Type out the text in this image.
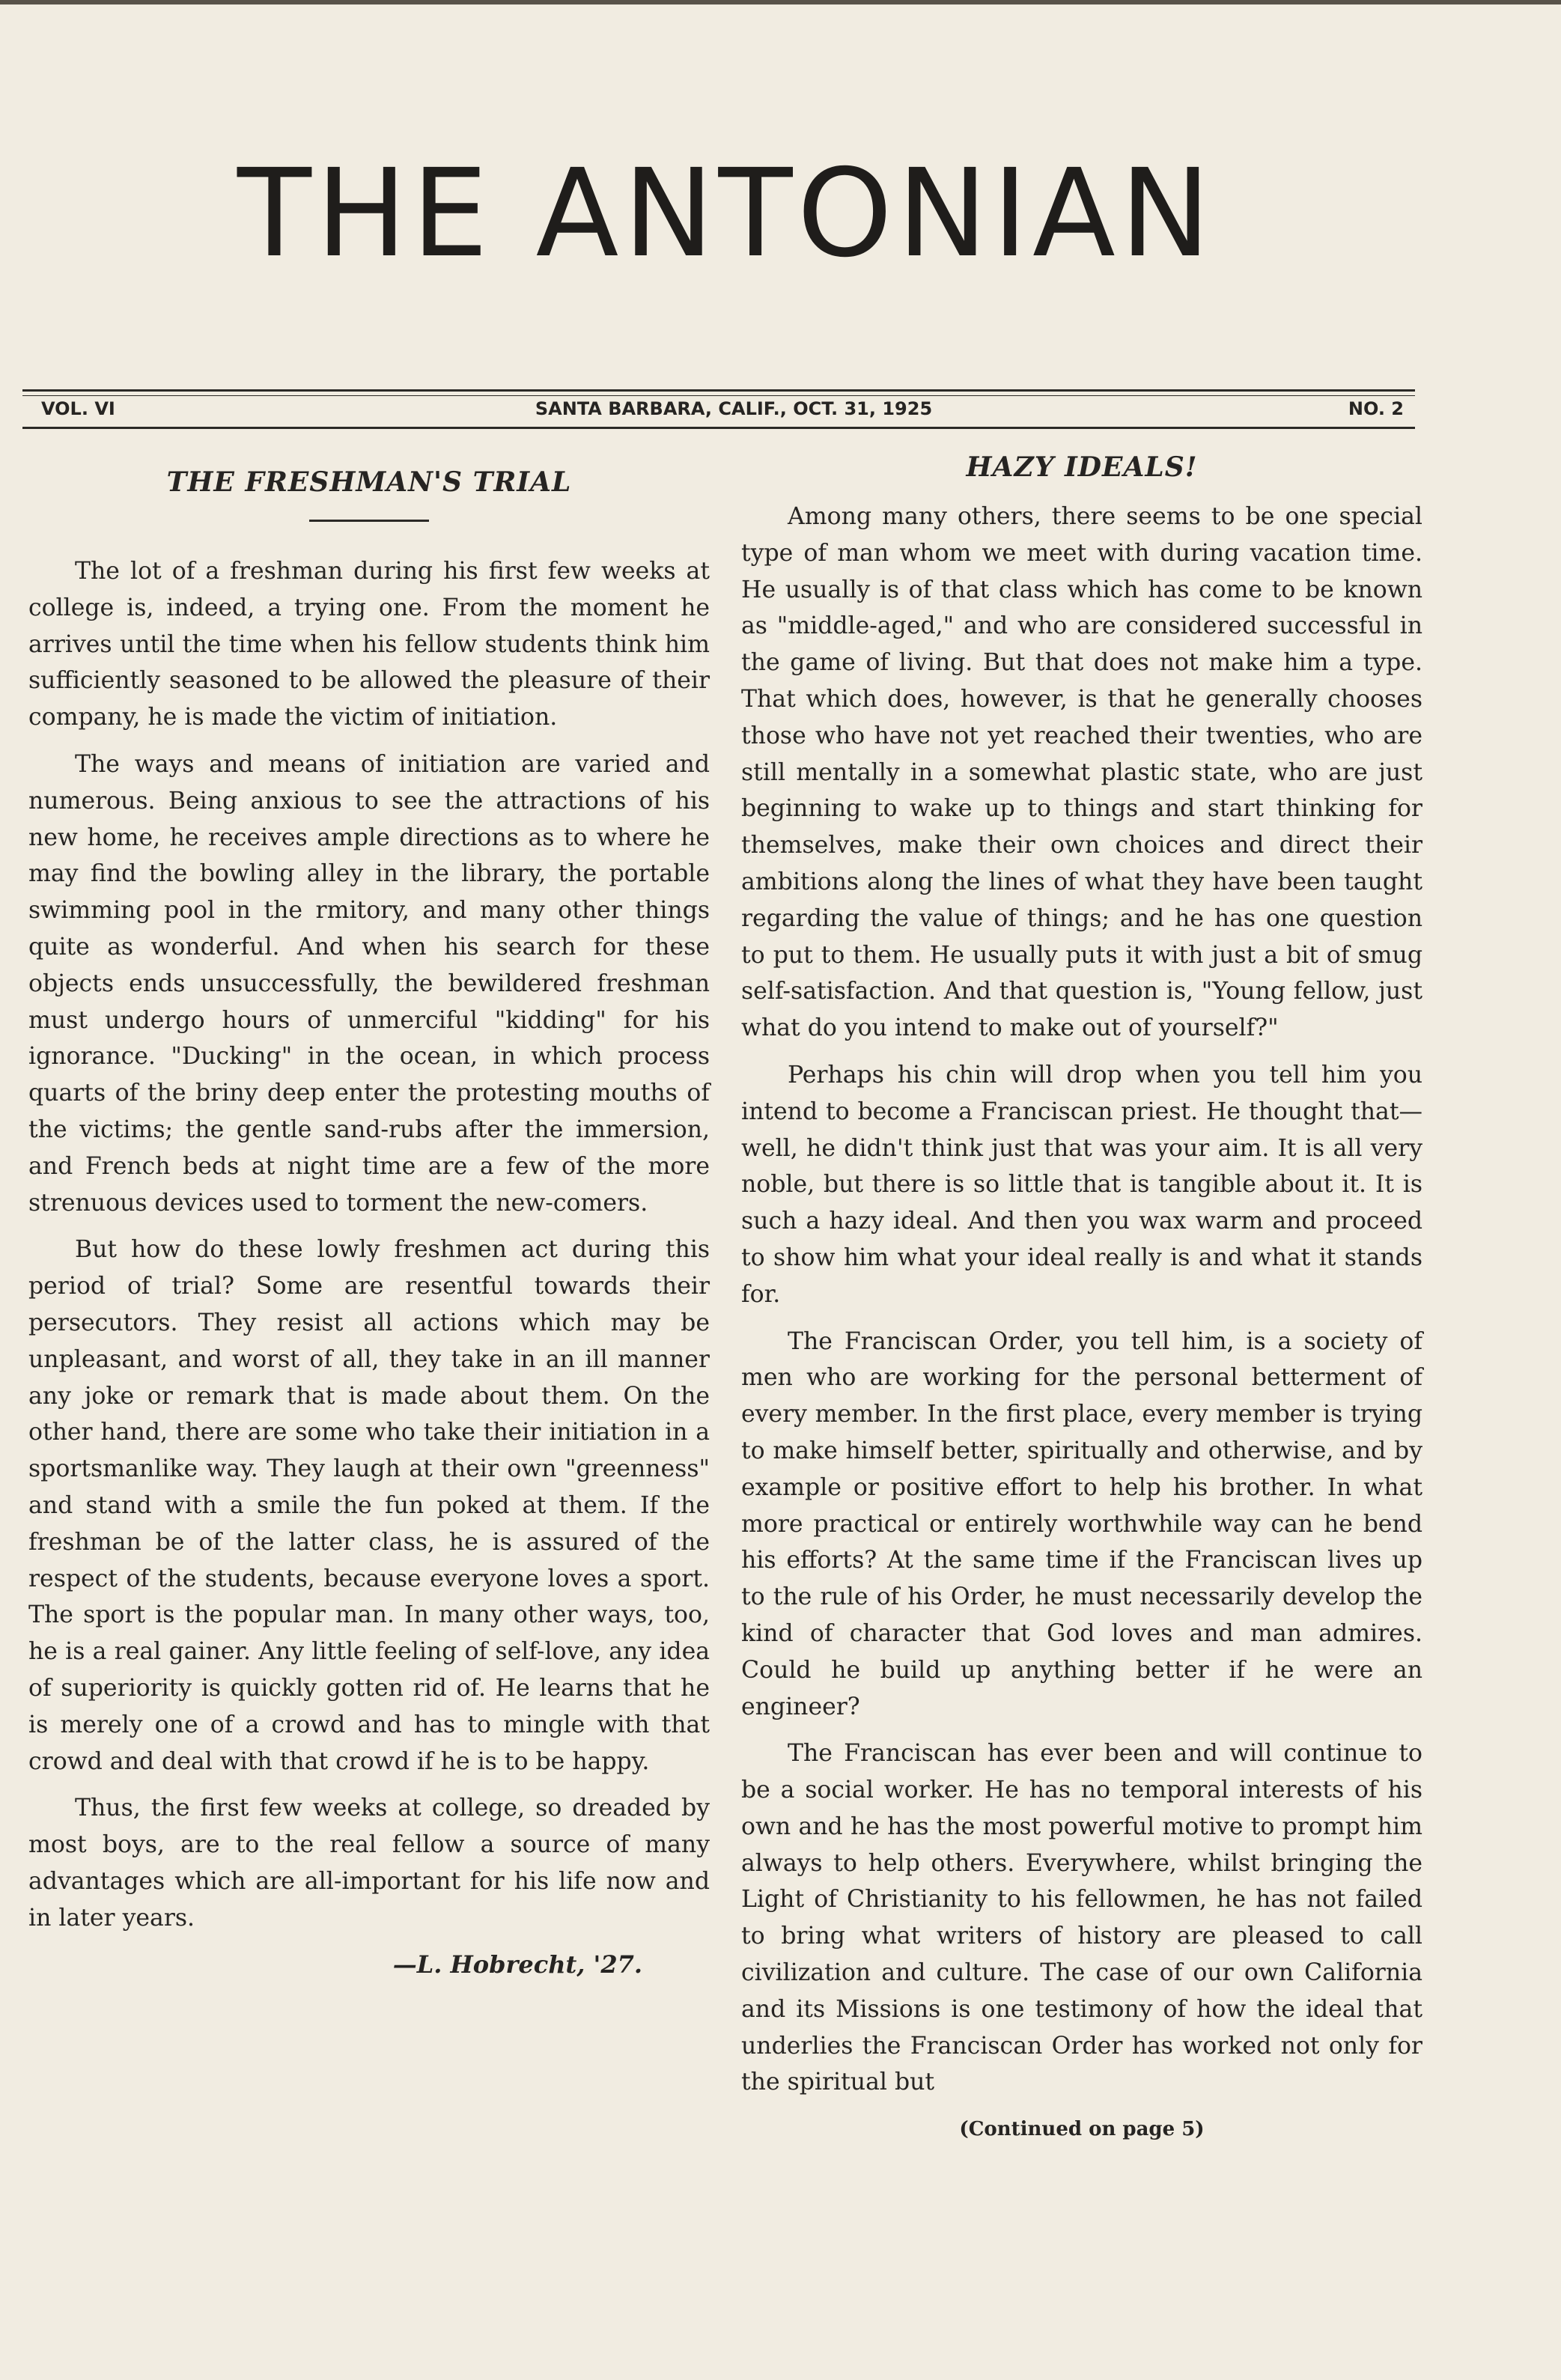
THE ANTONIAN
VOL. VI	SANTA BARBARA, CALIF., OCT. 31, 1925	NO. 2
THE FRESHMAN'S TRIAL

The lot of a freshman during his first few weeks at college is, indeed, a trying one. From the moment he arrives until the time when his fellow students think him sufficiently seasoned to be allowed the pleasure of their company, he is made the victim of initiation.

The ways and means of initiation are varied and numerous. Being anxious to see the attractions of his new home, he receives ample directions as to where he may find the bowling alley in the library, the portable swimming pool in the rmitory, and many other things quite as wonderful. And when his search for these objects ends unsuccessfully, the bewildered freshman must undergo hours of unmerciful "kidding" for his ignorance. "Ducking" in the ocean, in which process quarts of the briny deep enter the protesting mouths of the victims; the gentle sand-rubs after the immersion, and French beds at night time are a few of the more strenuous devices used to torment the new-comers.

But how do these lowly freshmen act during this period of trial? Some are resentful towards their persecutors. They resist all actions which may be unpleasant, and worst of all, they take in an ill manner any joke or remark that is made about them. On the other hand, there are some who take their initiation in a sportsmanlike way. They laugh at their own "greenness" and stand with a smile the fun poked at them. If the freshman be of the latter class, he is assured of the respect of the students, because everyone loves a sport. The sport is the popular man. In many other ways, too, he is a real gainer. Any little feeling of self-love, any idea of superiority is quickly gotten rid of. He learns that he is merely one of a crowd and has to mingle with that crowd and deal with that crowd if he is to be happy.

Thus, the first few weeks at college, so dreaded by most boys, are to the real fellow a source of many advantages which are all-important for his life now and in later years.

—L. Hobrecht, '27.
HAZY IDEALS!

Among many others, there seems to be one special type of man whom we meet with during vacation time. He usually is of that class which has come to be known as "middle-aged," and who are considered successful in the game of living. But that does not make him a type. That which does, however, is that he generally chooses those who have not yet reached their twenties, who are still mentally in a somewhat plastic state, who are just beginning to wake up to things and start thinking for themselves, make their own choices and direct their ambitions along the lines of what they have been taught regarding the value of things; and he has one question to put to them. He usually puts it with just a bit of smug self-satisfaction. And that question is, "Young fellow, just what do you intend to make out of yourself?"

Perhaps his chin will drop when you tell him you intend to become a Franciscan priest. He thought that—well, he didn't think just that was your aim. It is all very noble, but there is so little that is tangible about it. It is such a hazy ideal. And then you wax warm and proceed to show him what your ideal really is and what it stands for.

The Franciscan Order, you tell him, is a society of men who are working for the personal betterment of every member. In the first place, every member is trying to make himself better, spiritually and otherwise, and by example or positive effort to help his brother. In what more practical or entirely worthwhile way can he bend his efforts? At the same time if the Franciscan lives up to the rule of his Order, he must necessarily develop the kind of character that God loves and man admires. Could he build up anything better if he were an engineer?

The Franciscan has ever been and will continue to be a social worker. He has no temporal interests of his own and he has the most powerful motive to prompt him always to help others. Everywhere, whilst bringing the Light of Christianity to his fellowmen, he has not failed to bring what writers of history are pleased to call civilization and culture. The case of our own California and its Missions is one testimony of how the ideal that underlies the Franciscan Order has worked not only for the spiritual but

(Continued on page 5)
